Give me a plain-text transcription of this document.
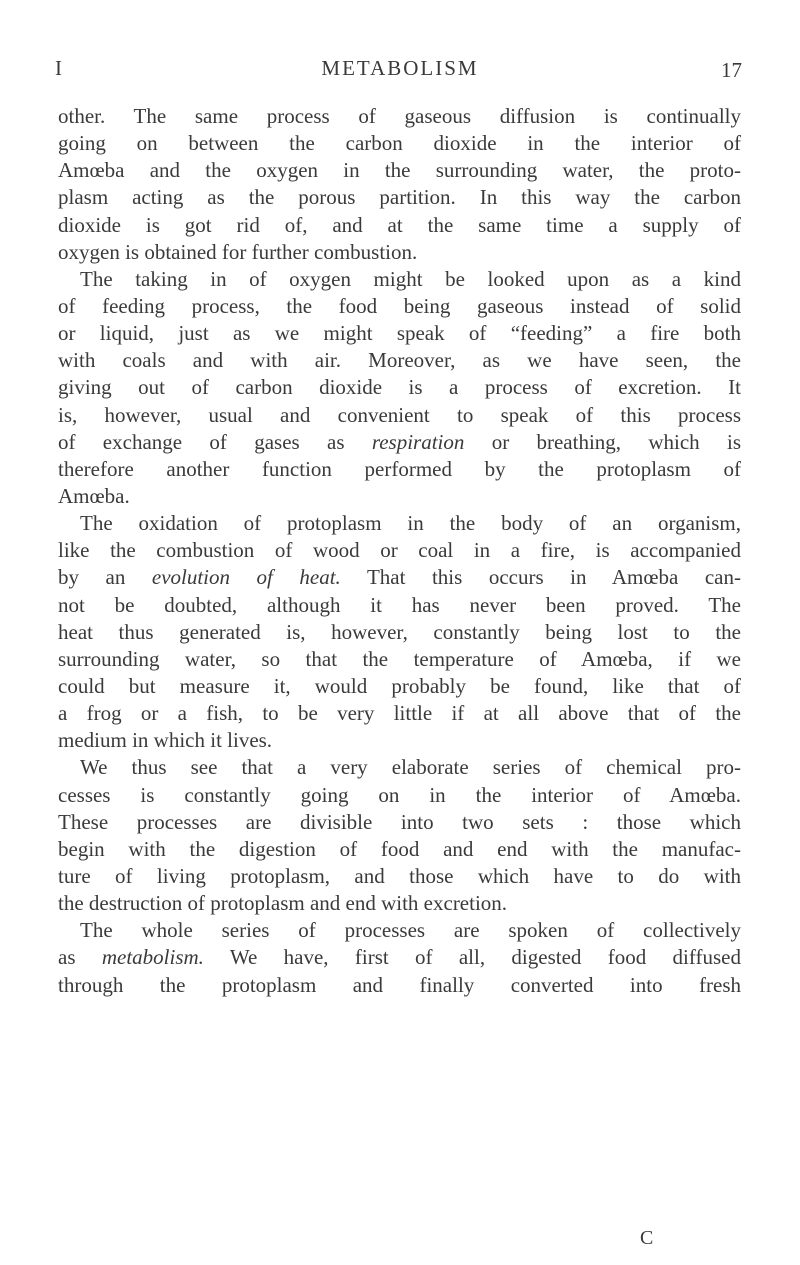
I	METABOLISM	17
other. The same process of gaseous diffusion is continually
going on between the carbon dioxide in the interior of
Amœba and the oxygen in the surrounding water, the proto-
plasm acting as the porous partition. In this way the carbon
dioxide is got rid of, and at the same time a supply of
oxygen is obtained for further combustion.
The taking in of oxygen might be looked upon as a kind
of feeding process, the food being gaseous instead of solid
or liquid, just as we might speak of “feeding” a fire both
with coals and with air. Moreover, as we have seen, the
giving out of carbon dioxide is a process of excretion. It
is, however, usual and convenient to speak of this process
of exchange of gases as respiration or breathing, which is
therefore another function performed by the protoplasm of
Amœba.
The oxidation of protoplasm in the body of an organism,
like the combustion of wood or coal in a fire, is accompanied
by an evolution of heat. That this occurs in Amœba can-
not be doubted, although it has never been proved. The
heat thus generated is, however, constantly being lost to the
surrounding water, so that the temperature of Amœba, if we
could but measure it, would probably be found, like that of
a frog or a fish, to be very little if at all above that of the
medium in which it lives.
We thus see that a very elaborate series of chemical pro-
cesses is constantly going on in the interior of Amœba.
These processes are divisible into two sets : those which
begin with the digestion of food and end with the manufac-
ture of living protoplasm, and those which have to do with
the destruction of protoplasm and end with excretion.
The whole series of processes are spoken of collectively
as metabolism. We have, first of all, digested food diffused
through the protoplasm and finally converted into fresh
C
